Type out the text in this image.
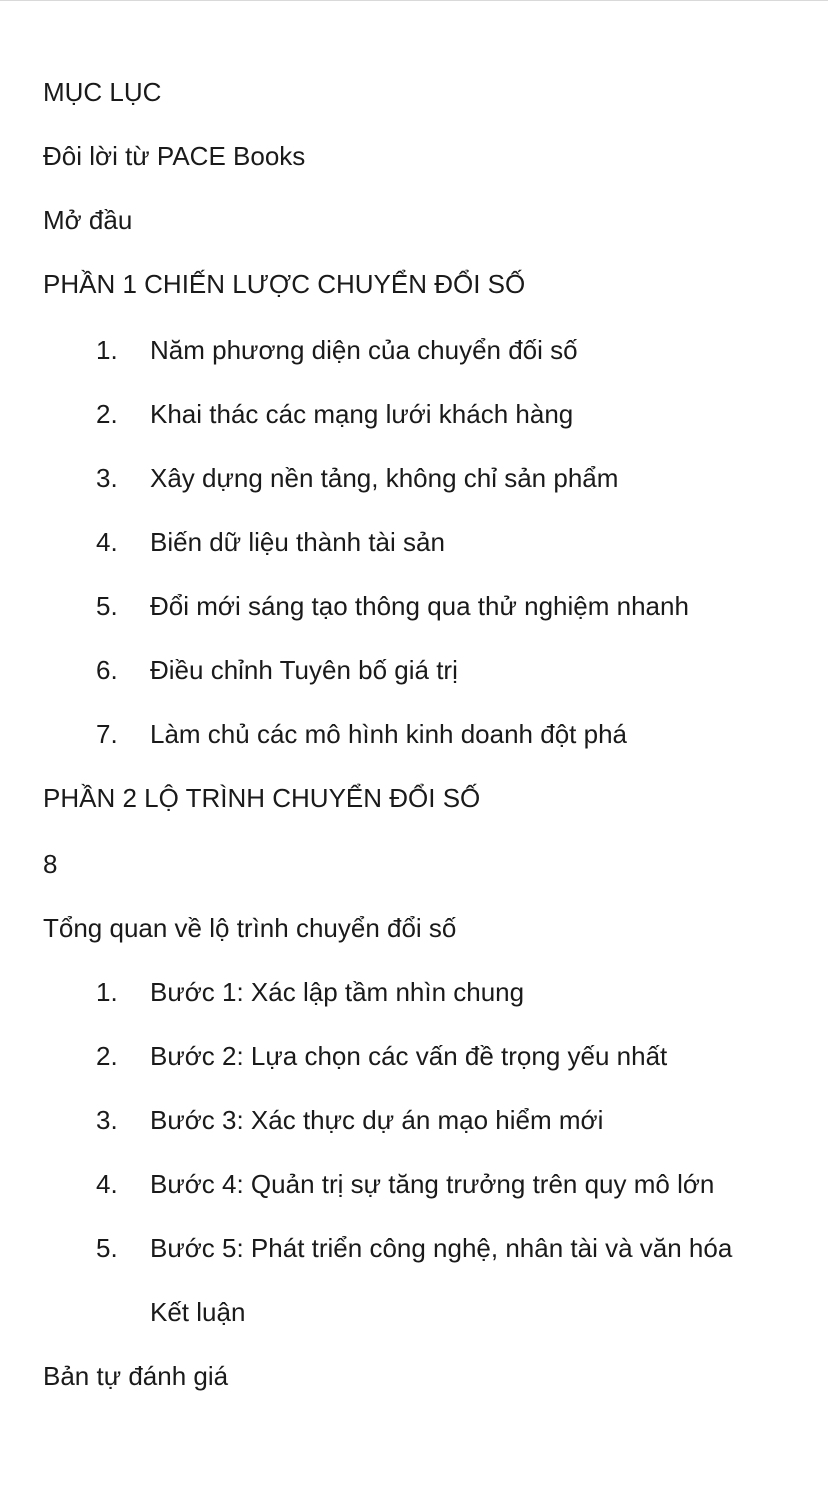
MỤC LỤC
Đôi lời từ PACE Books
Mở đầu
PHẦN 1 CHIẾN LƯỢC CHUYỂN ĐỔI SỐ
1.	Năm phương diện của chuyển đối số
2.	Khai thác các mạng lưới khách hàng
3.	Xây dựng nền tảng, không chỉ sản phẩm
4.	Biến dữ liệu thành tài sản
5.	Đổi mới sáng tạo thông qua thử nghiệm nhanh
6.	Điều chỉnh Tuyên bố giá trị
7.	Làm chủ các mô hình kinh doanh đột phá
PHẦN 2 LỘ TRÌNH CHUYỂN ĐỔI SỐ
8
Tổng quan về lộ trình chuyển đổi số
1.	Bước 1: Xác lập tầm nhìn chung
2.	Bước 2: Lựa chọn các vấn đề trọng yếu nhất
3.	Bước 3: Xác thực dự án mạo hiểm mới
4.	Bước 4: Quản trị sự tăng trưởng trên quy mô lớn
5.	Bước 5: Phát triển công nghệ, nhân tài và văn hóa
Kết luận
Bản tự đánh giá
